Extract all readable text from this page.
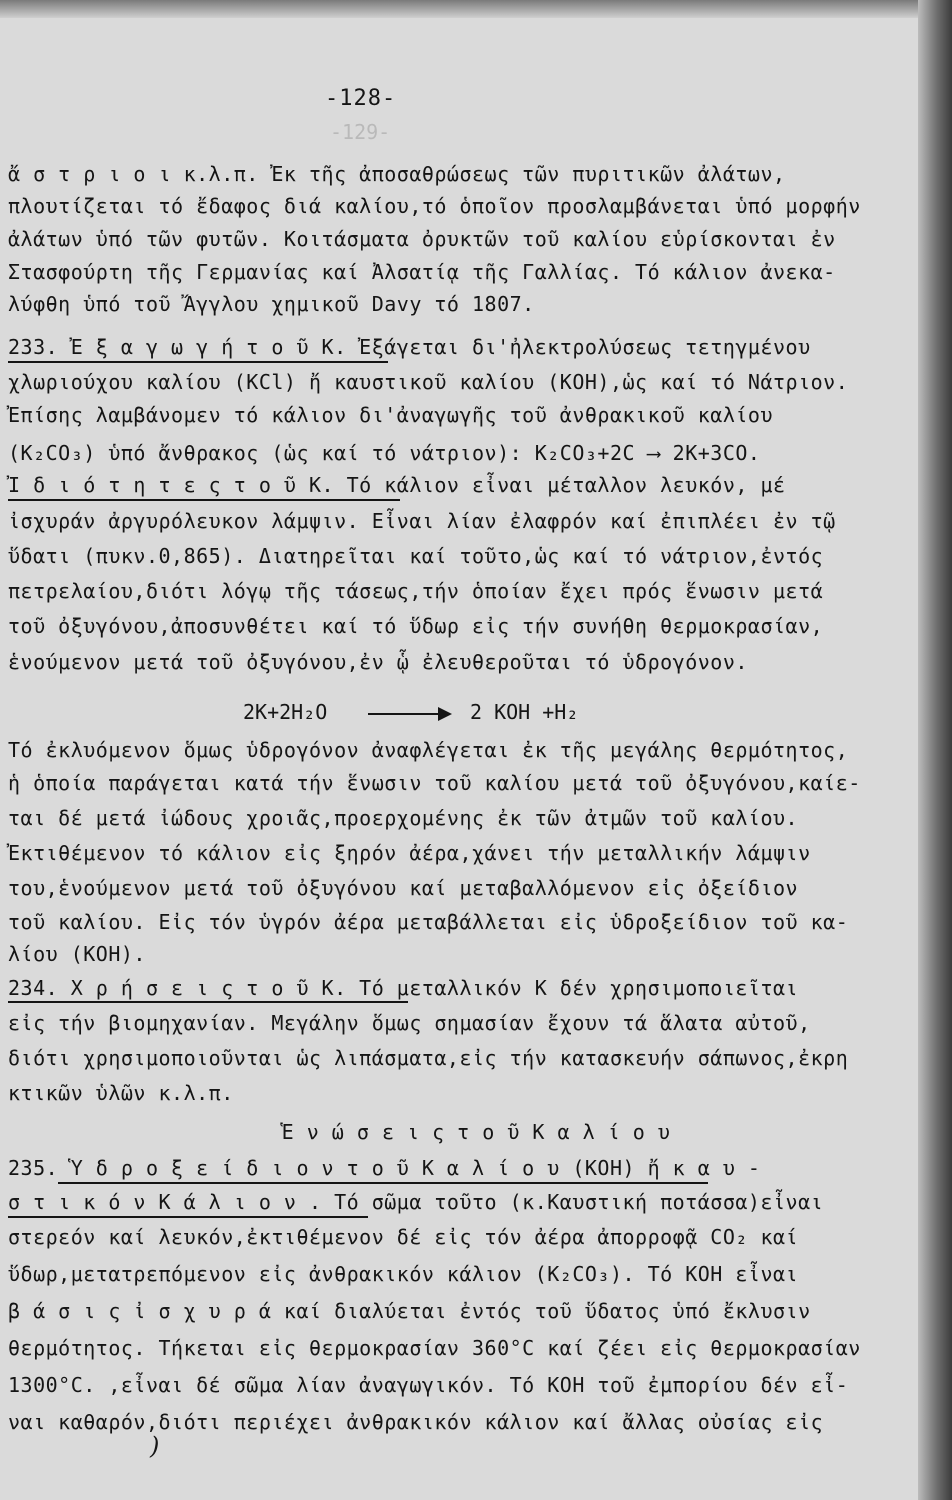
-129-
-128-
ἄ σ τ ρ ι ο ι κ.λ.π. Ἐκ τῆς ἀποσαθρώσεως τῶν πυριτικῶν ἀλάτων,
πλουτίζεται τό ἔδαφος διά καλίου,τό ὁποῖον προσλαμβάνεται ὑπό μορφήν
ἀλάτων ὑπό τῶν φυτῶν. Κοιτάσματα ὀρυκτῶν τοῦ καλίου εὑρίσκονται ἐν
Στασφούρτη τῆς Γερμανίας καί Ἀλσατίᾳ τῆς Γαλλίας. Τό κάλιον ἀνεκα-
λύφθη ὑπό τοῦ Ἄγγλου χημικοῦ Davy τό 1807.
233. Ἐ ξ α γ ω γ ή τ ο ῦ Κ. Ἐξάγεται δι'ἠλεκτρολύσεως τετηγμένου
χλωριούχου καλίου (KCl) ἤ καυστικοῦ καλίου (KOH),ὡς καί τό Νάτριον.
Ἐπίσης λαμβάνομεν τό κάλιον δι'ἀναγωγῆς τοῦ ἀνθρακικοῦ καλίου
(K₂CO₃) ὑπό ἄνθρακος (ὡς καί τό νάτριον): K₂CO₃+2C ⟶ 2K+3CO.
Ἰ δ ι ό τ η τ ε ς τ ο ῦ Κ. Τό κάλιον εἶναι μέταλλον λευκόν, μέ
ἰσχυράν ἀργυρόλευκον λάμψιν. Εἶναι λίαν ἐλαφρόν καί ἐπιπλέει ἐν τῷ
ὕδατι (πυκν.0,865). Διατηρεῖται καί τοῦτο,ὡς καί τό νάτριον,ἐντός
πετρελαίου,διότι λόγῳ τῆς τάσεως,τήν ὁποίαν ἔχει πρός ἕνωσιν μετά
τοῦ ὀξυγόνου,ἀποσυνθέτει καί τό ὕδωρ εἰς τήν συνήθη θερμοκρασίαν,
ἑνούμενον μετά τοῦ ὀξυγόνου,ἐν ᾧ ἐλευθεροῦται τό ὑδρογόνον.
2K+2H₂O	2 KOH +H₂
Τό ἐκλυόμενον ὅμως ὑδρογόνον ἀναφλέγεται ἐκ τῆς μεγάλης θερμότητος,
ἡ ὁποία παράγεται κατά τήν ἕνωσιν τοῦ καλίου μετά τοῦ ὀξυγόνου,καίε-
ται δέ μετά ἰώδους χροιᾶς,προερχομένης ἐκ τῶν ἀτμῶν τοῦ καλίου.
Ἐκτιθέμενον τό κάλιον εἰς ξηρόν ἀέρα,χάνει τήν μεταλλικήν λάμψιν
του,ἑνούμενον μετά τοῦ ὀξυγόνου καί μεταβαλλόμενον εἰς ὀξείδιον
τοῦ καλίου. Εἰς τόν ὑγρόν ἀέρα μεταβάλλεται εἰς ὑδροξείδιον τοῦ κα-
λίου (KOH).
234. Χ ρ ή σ ε ι ς τ ο ῦ Κ. Τό μεταλλικόν Κ δέν χρησιμοποιεῖται
εἰς τήν βιομηχανίαν. Μεγάλην ὅμως σημασίαν ἔχουν τά ἅλατα αὐτοῦ,
διότι χρησιμοποιοῦνται ὡς λιπάσματα,εἰς τήν κατασκευήν σάπωνος,ἐκρη
κτικῶν ὑλῶν κ.λ.π.
Ἑ ν ώ σ ε ι ς τ ο ῦ Κ α λ ί ο υ
235. Ὑ δ ρ ο ξ ε ί δ ι ο ν τ ο ῦ Κ α λ ί ο υ (KOH) ἤ κ α υ -
σ τ ι κ ό ν Κ ά λ ι ο ν . Τό σῶμα τοῦτο (κ.Καυστική ποτάσσα)εἶναι
στερεόν καί λευκόν,ἐκτιθέμενον δέ εἰς τόν ἀέρα ἀπορροφᾷ CO₂ καί
ὕδωρ,μετατρεπόμενον εἰς ἀνθρακικόν κάλιον (K₂CO₃). Τό KOH εἶναι
β ά σ ι ς ἰ σ χ υ ρ ά καί διαλύεται ἐντός τοῦ ὕδατος ὑπό ἔκλυσιν
θερμότητος. Τήκεται εἰς θερμοκρασίαν 360°C καί ζέει εἰς θερμοκρασίαν
1300°C. ,εἶναι δέ σῶμα λίαν ἀναγωγικόν. Τό KOH τοῦ ἐμπορίου δέν εἶ-
ναι καθαρόν,διότι περιέχει ἀνθρακικόν κάλιον καί ἄλλας οὐσίας εἰς
)
